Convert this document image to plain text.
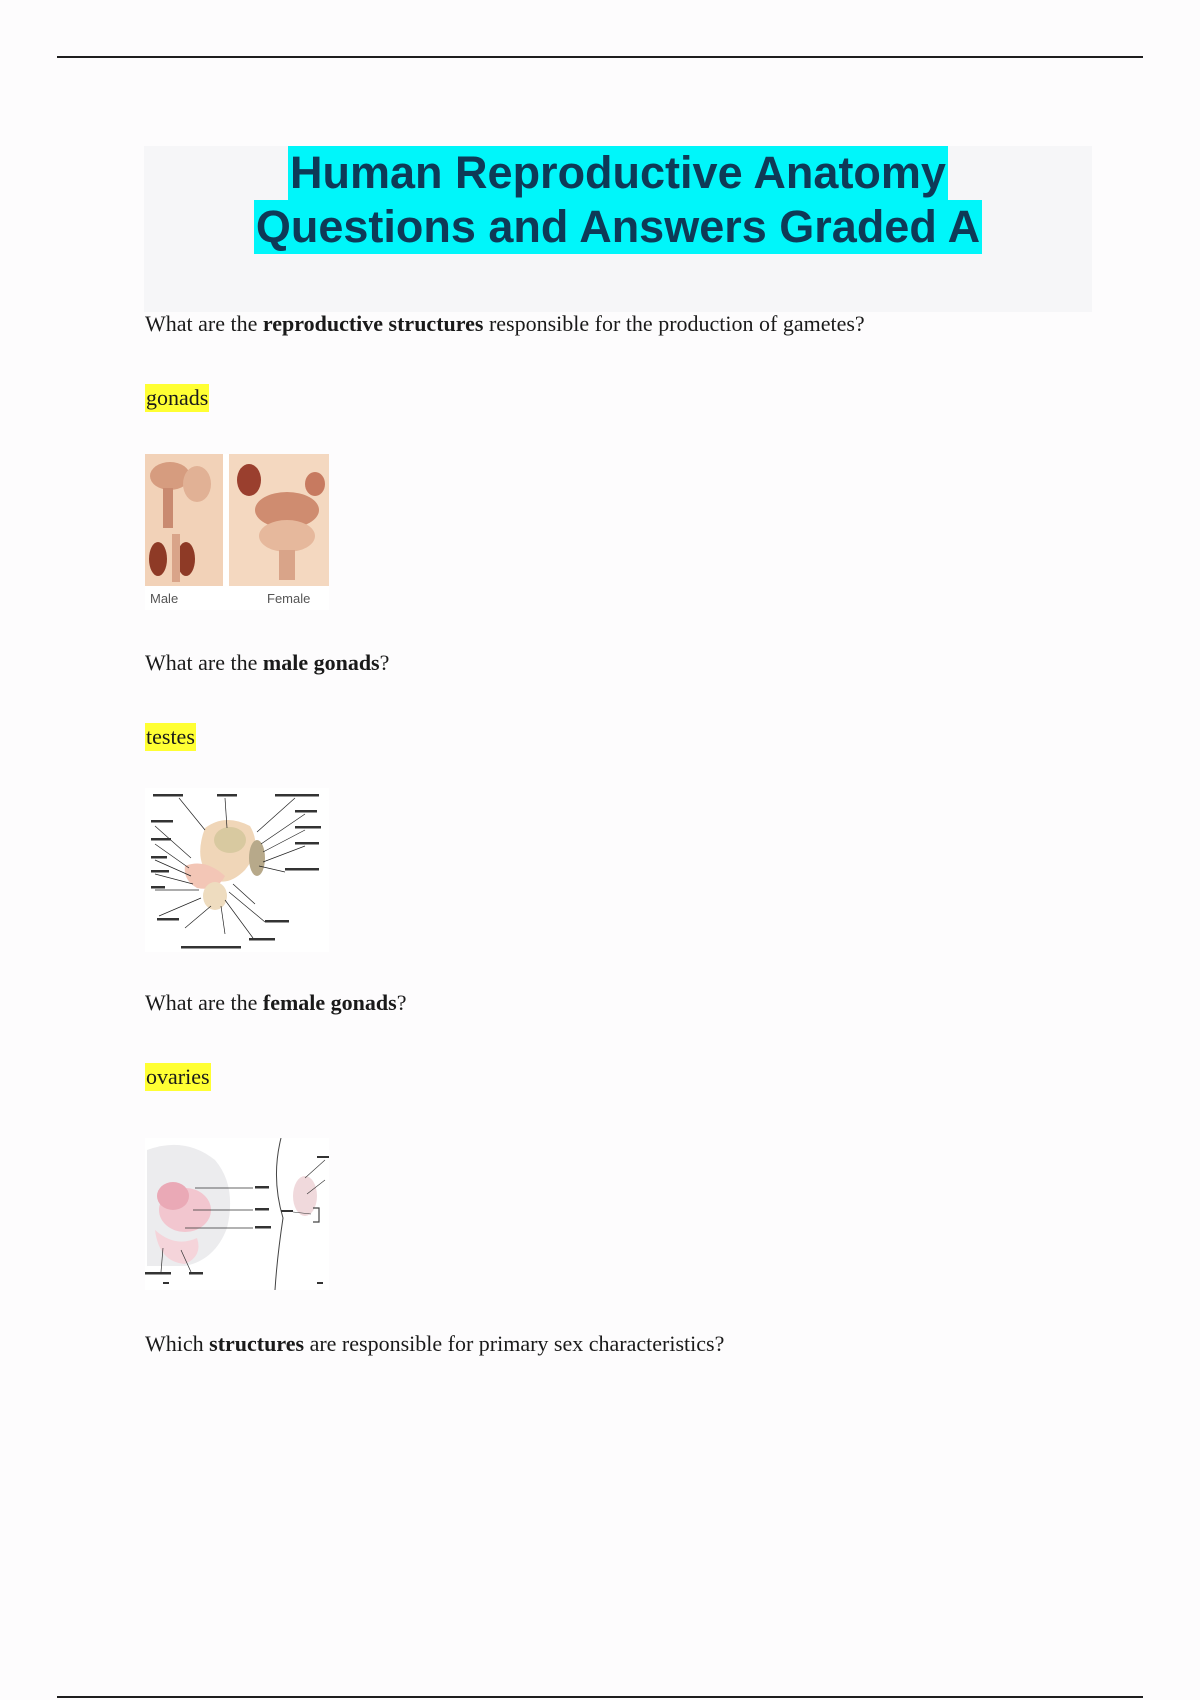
Human Reproductive Anatomy
Questions and Answers Graded A
What are the reproductive structures responsible for the production of gametes?
gonads
Male	Female
What are the male gonads?
testes
What are the female gonads?
ovaries
Which structures are responsible for primary sex characteristics?
